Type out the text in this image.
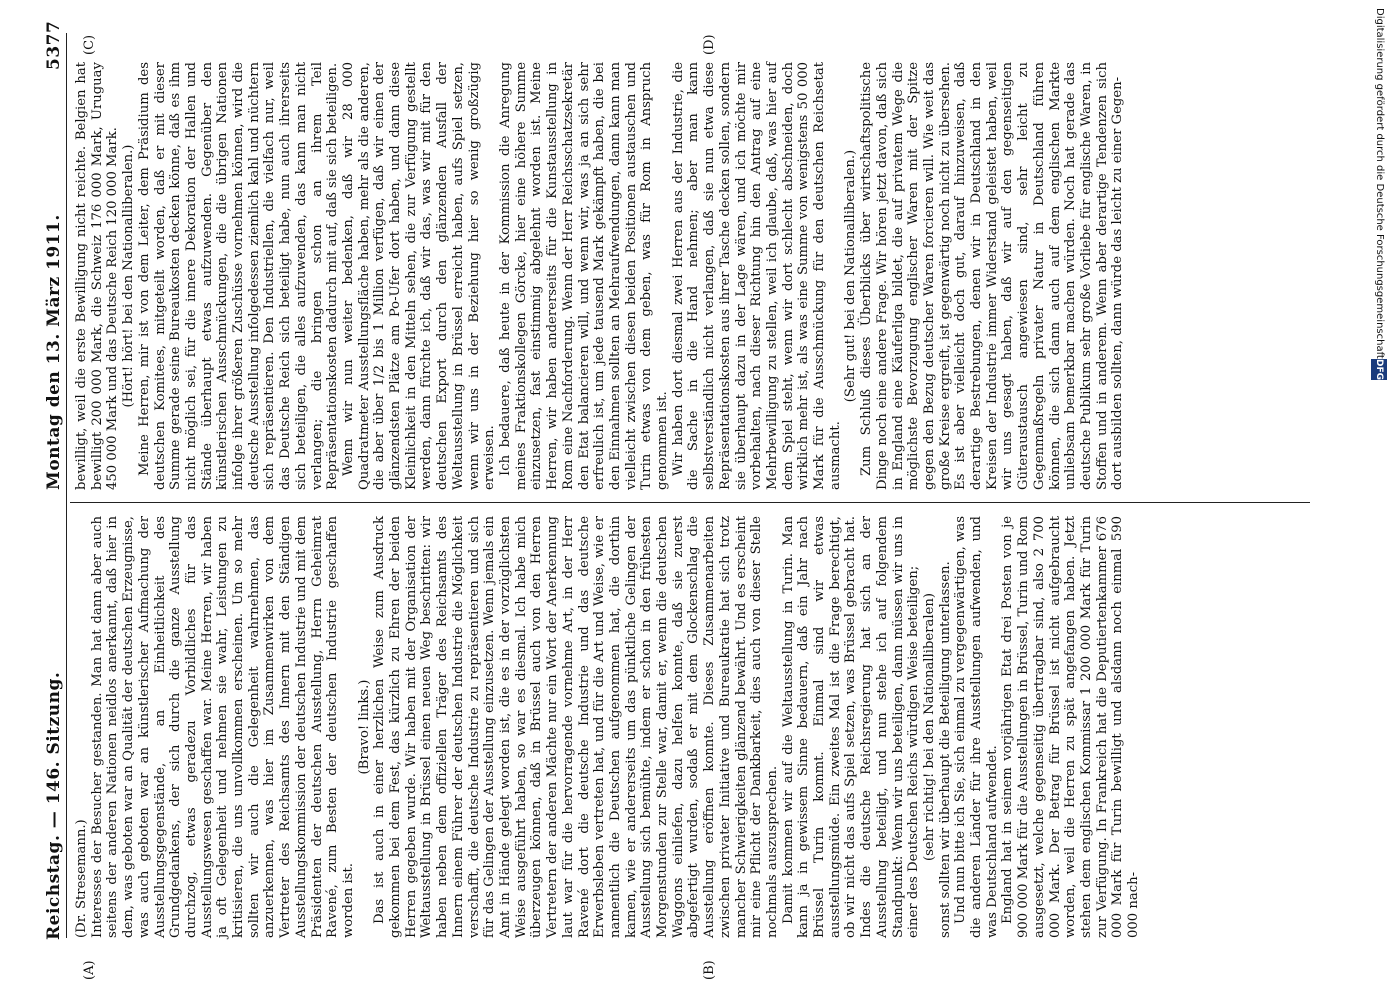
Reichstag. — 146. Sitzung.
Montag den 13. März 1911.
5377
(A)	(B)
(C)	(D)

(Dr. Stresemann.) Interesses der Besucher gestanden. Man hat dann aber auch seitens der anderen Nationen neidlos anerkannt, daß hier in dem, was geboten war an Qualität der deutschen Erzeugnisse, was auch geboten war an künstlerischer Aufmachung der Ausstellungsgegenstände, an Einheitlichkeit des Grundgedankens, der sich durch die ganze Ausstellung durchzog, etwas geradezu Vorbildliches für das Ausstellungswesen geschaffen war. Meine Herren, wir haben ja oft Gelegenheit und nehmen sie wahr, Leistungen zu kritisieren, die uns unvollkommen erscheinen. Um so mehr sollten wir auch die Gelegenheit wahrnehmen, das anzuerkennen, was hier im Zusammenwirken von dem Vertreter des Reichsamts des Innern mit den Ständigen Ausstellungskommission der deutschen Industrie und mit dem Präsidenten der deutschen Ausstellung, Herrn Geheimrat Ravené, zum Besten der deutschen Industrie geschaffen worden ist.

(Bravo! links.) Das ist auch in einer herzlichen Weise zum Ausdruck gekommen bei dem Fest, das kürzlich zu Ehren der beiden Herren gegeben wurde. Wir haben mit der Organisation der Weltausstellung in Brüssel einen neuen Weg beschritten: wir haben neben dem offiziellen Träger des Reichsamts des Innern einem Führer der deutschen Industrie die Möglichkeit verschafft, die deutsche Industrie zu repräsentieren und sich für das Gelingen der Ausstellung einzusetzen. Wenn jemals ein Amt in Hände gelegt worden ist, die es in der vorzüglichsten Weise ausgeführt haben, so war es diesmal. Ich habe mich überzeugen können, daß in Brüssel auch von den Herren Vertretern der anderen Mächte nur ein Wort der Anerkennung laut war für die hervorragende vornehme Art, in der Herr Ravené dort die deutsche Industrie und das deutsche Erwerbsleben vertreten hat, und für die Art und Weise, wie er namentlich die Deutschen aufgenommen hat, die dorthin kamen, wie er andererseits um das pünktliche Gelingen der Ausstellung sich bemühte, indem er schon in den frühesten Morgenstunden zur Stelle war, damit er, wenn die deutschen Waggons einliefen, dazu helfen konnte, daß sie zuerst abgefertigt wurden, sodaß er mit dem Glockenschlag die Ausstellung eröffnen konnte. Dieses Zusammenarbeiten zwischen privater Initiative und Bureaukratie hat sich trotz mancher Schwierigkeiten glänzend bewährt. Und es erscheint mir eine Pflicht der Dankbarkeit, dies auch von dieser Stelle nochmals auszusprechen. Damit kommen wir auf die Weltausstellung in Turin. Man kann ja in gewissem Sinne bedauern, daß ein Jahr nach Brüssel Turin kommt. Einmal sind wir etwas ausstellungsmüde. Ein zweites Mal ist die Frage berechtigt, ob wir nicht das aufs Spiel setzen, was Brüssel gebracht hat. Indes die deutsche Reichsregierung hat sich an der Ausstellung beteiligt, und nun stehe ich auf folgendem Standpunkt: Wenn wir uns beteiligen, dann müssen wir uns in einer des Deutschen Reichs würdigen Weise beteiligen; (sehr richtig! bei den Nationalliberalen) sonst sollten wir überhaupt die Beteiligung unterlassen. Und nun bitte ich Sie, sich einmal zu vergegenwärtigen, was die anderen Länder für ihre Ausstellungen aufwenden, und was Deutschland aufwendet. England hat in seinem vorjährigen Etat drei Posten von je 900 000 Mark für die Ausstellungen in Brüssel, Turin und Rom ausgesetzt, welche gegenseitig übertragbar sind, also 2 700 000 Mark. Der Betrag für Brüssel ist nicht aufgebraucht worden, weil die Herren zu spät angefangen haben. Jetzt stehen dem englischen Kommissar 1 200 000 Mark für Turin zur Verfügung. In Frankreich hat die Deputiertenkammer 676 000 Mark für Turin bewilligt und alsdann noch einmal 590 000 nach-

bewilligt, weil die erste Bewilligung nicht reichte. Belgien hat bewilligt 200 000 Mark, die Schweiz 176 000 Mark, Uruguay 450 000 Mark und das Deutsche Reich 120 000 Mark. (Hört! hört! bei den Nationalliberalen.) Meine Herren, mir ist von dem Leiter, dem Präsidium des deutschen Komitees, mitgeteilt worden, daß er mit dieser Summe gerade seine Bureaukosten decken könne, daß es ihm nicht möglich sei, für die innere Dekoration der Hallen und Stände überhaupt etwas aufzuwenden. Gegenüber den künstlerischen Ausschmückungen, die die übrigen Nationen infolge ihrer größeren Zuschüsse vornehmen können, wird die deutsche Ausstellung infolgedessen ziemlich kahl und nüchtern sich repräsentieren. Den Industriellen, die vielfach nur, weil das Deutsche Reich sich beteiligt habe, nun auch ihrerseits sich beteiligen, die alles aufzuwenden, das kann man nicht verlangen; die bringen schon an ihrem Teil Repräsentationskosten dadurch mit auf, daß sie sich beteiligen. Wenn wir nun weiter bedenken, daß wir 28 000 Quadratmeter Ausstellungsfläche haben, mehr als die anderen, die aber über 1/2 bis 1 Million verfügen, daß wir einen der glänzendsten Plätze am Po-Ufer dort haben, und dann diese Kleinlichkeit in den Mitteln sehen, die zur Verfügung gestellt werden, dann fürchte ich, daß wir das, was wir mit für den deutschen Export durch den glänzenden Ausfall der Weltausstellung in Brüssel erreicht haben, aufs Spiel setzen, wenn wir uns in der Beziehung hier so wenig großzügig erweisen. Ich bedauere, daß heute in der Kommission die Anregung meines Fraktionskollegen Görcke, hier eine höhere Summe einzusetzen, fast einstimmig abgelehnt worden ist. Meine Herren, wir haben andererseits für die Kunstausstellung in Rom eine Nachforderung. Wenn der Herr Reichsschatzsekretär den Etat balancieren will, und wenn wir, was ja an sich sehr erfreulich ist, um jede tausend Mark gekämpft haben, die bei den Einnahmen sollten an Mehraufwendungen, dann kann man vielleicht zwischen diesen beiden Positionen austauschen und Turin etwas von dem geben, was für Rom in Anspruch genommen ist. Wir haben dort diesmal zwei Herren aus der Industrie, die die Sache in die Hand nehmen; aber man kann selbstverständlich nicht verlangen, daß sie nun etwa diese Repräsentationskosten aus ihrer Tasche decken sollen, sondern sie überhaupt dazu in der Lage wären, und ich möchte mir vorbehalten, nach dieser Richtung hin den Antrag auf eine Mehrbewilligung zu stellen, weil ich glaube, daß, was hier auf dem Spiel steht, wenn wir dort schlecht abschneiden, doch wirklich mehr ist, als was eine Summe von wenigstens 50 000 Mark für die Ausschmückung für den deutschen Reichsetat ausmacht.

(Sehr gut! bei den Nationalliberalen.) Zum Schluß dieses Überblicks über wirtschaftspolitische Dinge noch eine andere Frage. Wir hören jetzt davon, daß sich in England eine Käuferliga bildet, die auf privatem Wege die möglichste Bevorzugung englischer Waren mit der Spitze gegen den Bezug deutscher Waren forcieren will. Wie weit das große Kreise ergreift, ist gegenwärtig noch nicht zu übersehen. Es ist aber vielleicht doch gut, darauf hinzuweisen, daß derartige Bestrebungen, denen wir in Deutschland in den Kreisen der Industrie immer Widerstand geleistet haben, weil wir uns gesagt haben, daß wir auf den gegenseitigen Güteraustausch angewiesen sind, sehr leicht zu Gegenmaßregeln privater Natur in Deutschland führen können, die sich dann auch auf dem englischen Markte unliebsam bemerkbar machen würden. Noch hat gerade das deutsche Publikum sehr große Vorliebe für englische Waren, in Stoffen und in anderem. Wenn aber derartige Tendenzen sich dort ausbilden sollten, dann würde das leicht zu einer Gegen-	Digitalisierung gefördert durch die Deutsche ForschungsgemeinschaftDFG
